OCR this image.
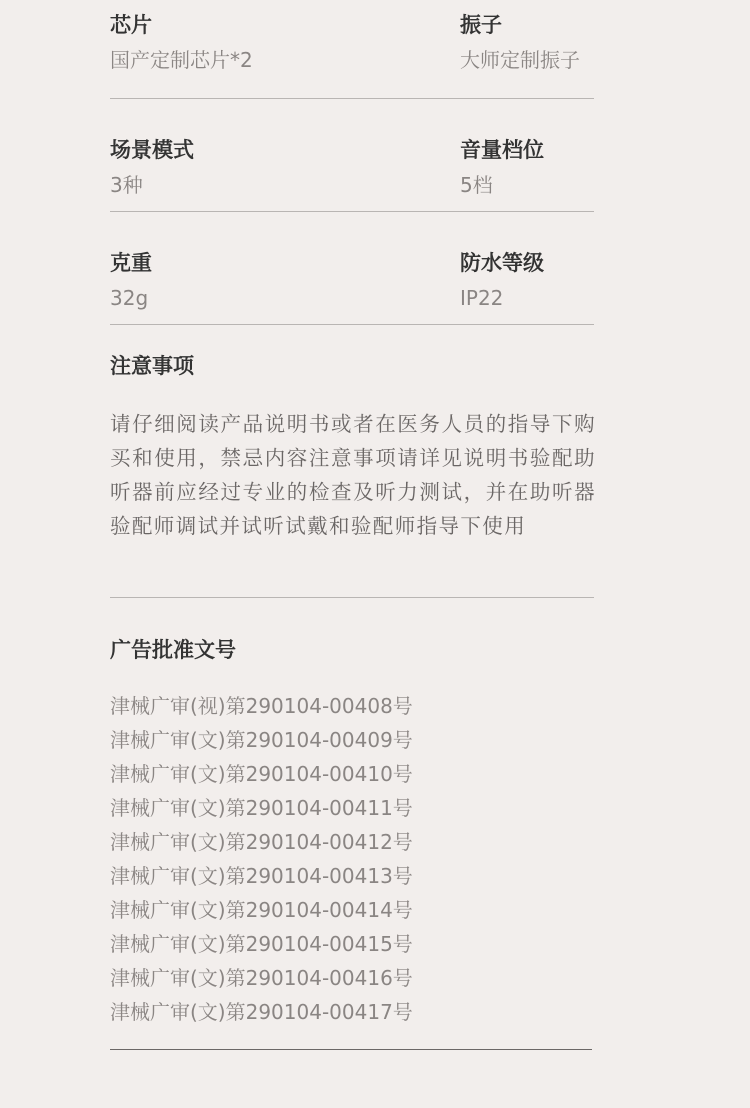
芯片
国产定制芯片*2
振子
大师定制振子
场景模式
3种
音量档位
5档
克重
32g
防水等级
IP22
注意事项
请仔细阅读产品说明书或者在医务人员的指导下购买和使用，禁忌内容注意事项请详见说明书验配助听器前应经过专业的检查及听力测试，并在助听器验配师调试并试听试戴和验配师指导下使用
广告批准文号
津械广审(视)第290104-00408号
津械广审(文)第290104-00409号
津械广审(文)第290104-00410号
津械广审(文)第290104-00411号
津械广审(文)第290104-00412号
津械广审(文)第290104-00413号
津械广审(文)第290104-00414号
津械广审(文)第290104-00415号
津械广审(文)第290104-00416号
津械广审(文)第290104-00417号
